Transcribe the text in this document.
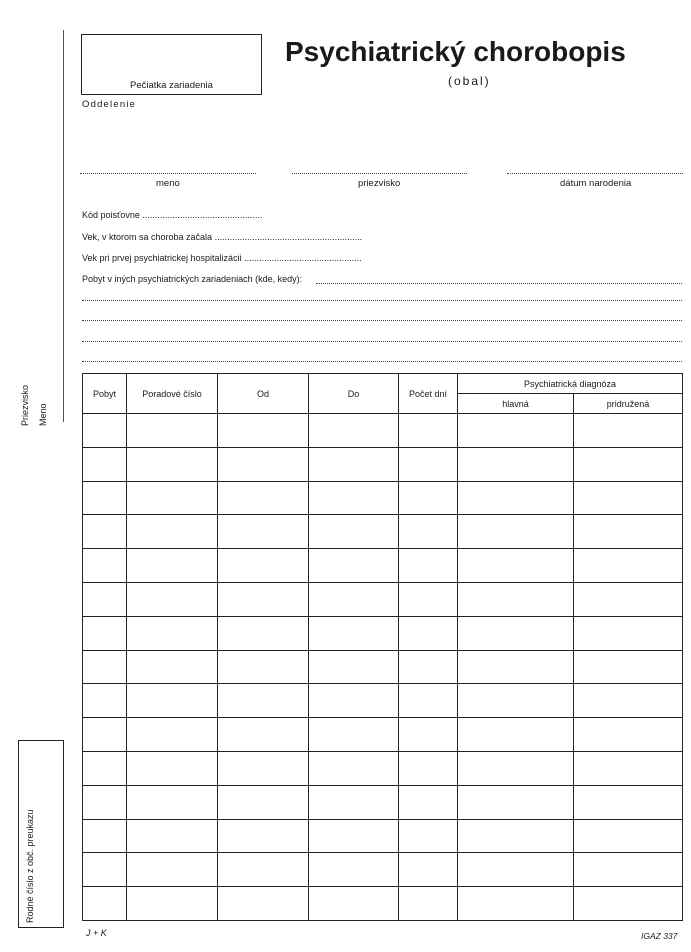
Priezvisko Meno
Rodné číslo z obč. preukazu
Pečiatka zariadenia
Psychiatrický chorobopis
(obal)
Oddelenie
meno	priezvisko	dátum narodenia
Kód poisťovne ................................................
Vek, v ktorom sa choroba začala ...........................................................
Vek pri prvej psychiatrickej hospitalizácii ...............................................
Pobyt v iných psychiatrických zariadeniach (kde, kedy):
Pobyt	Poradové číslo	Od	Do	Počet dní	Psychiatrická diagnóza	
					hlavná	pridružená

J + K	IGAZ 337
